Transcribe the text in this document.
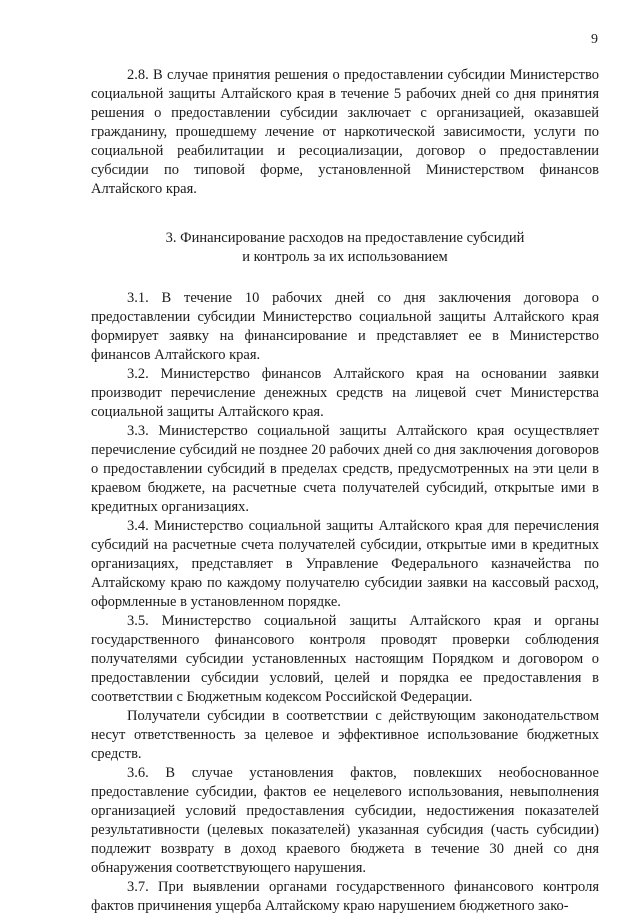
9

2.8. В случае принятия решения о предоставлении субсидии Министерство социальной защиты Алтайского края в течение 5 рабочих дней со дня принятия решения о предоставлении субсидии заключает с организацией, оказавшей гражданину, прошедшему лечение от наркотической зависимости, услуги по социальной реабилитации и ресоциализации, договор о предоставлении субсидии по типовой форме, установленной Министерством финансов Алтайского края.

3. Финансирование расходов на предоставление субсидий
и контроль за их использованием

3.1. В течение 10 рабочих дней со дня заключения договора о предоставлении субсидии Министерство социальной защиты Алтайского края формирует заявку на финансирование и представляет ее в Министерство финансов Алтайского края.

3.2. Министерство финансов Алтайского края на основании заявки производит перечисление денежных средств на лицевой счет Министерства социальной защиты Алтайского края.

3.3. Министерство социальной защиты Алтайского края осуществляет перечисление субсидий не позднее 20 рабочих дней со дня заключения договоров о предоставлении субсидий в пределах средств, предусмотренных на эти цели в краевом бюджете, на расчетные счета получателей субсидий, открытые ими в кредитных организациях.

3.4. Министерство социальной защиты Алтайского края для перечисления субсидий на расчетные счета получателей субсидии, открытые ими в кредитных организациях, представляет в Управление Федерального казначейства по Алтайскому краю по каждому получателю субсидии заявки на кассовый расход, оформленные в установленном порядке.

3.5. Министерство социальной защиты Алтайского края и органы государственного финансового контроля проводят проверки соблюдения получателями субсидии установленных настоящим Порядком и договором о предоставлении субсидии условий, целей и порядка ее предоставления в соответствии с Бюджетным кодексом Российской Федерации.

Получатели субсидии в соответствии с действующим законодательством несут ответственность за целевое и эффективное использование бюджетных средств.

3.6. В случае установления фактов, повлекших необоснованное предоставление субсидии, фактов ее нецелевого использования, невыполнения организацией условий предоставления субсидии, недостижения показателей результативности (целевых показателей) указанная субсидия (часть субсидии) подлежит возврату в доход краевого бюджета в течение 30 дней со дня обнаружения соответствующего нарушения.

3.7. При выявлении органами государственного финансового контроля фактов причинения ущерба Алтайскому краю нарушением бюджетного зако-
